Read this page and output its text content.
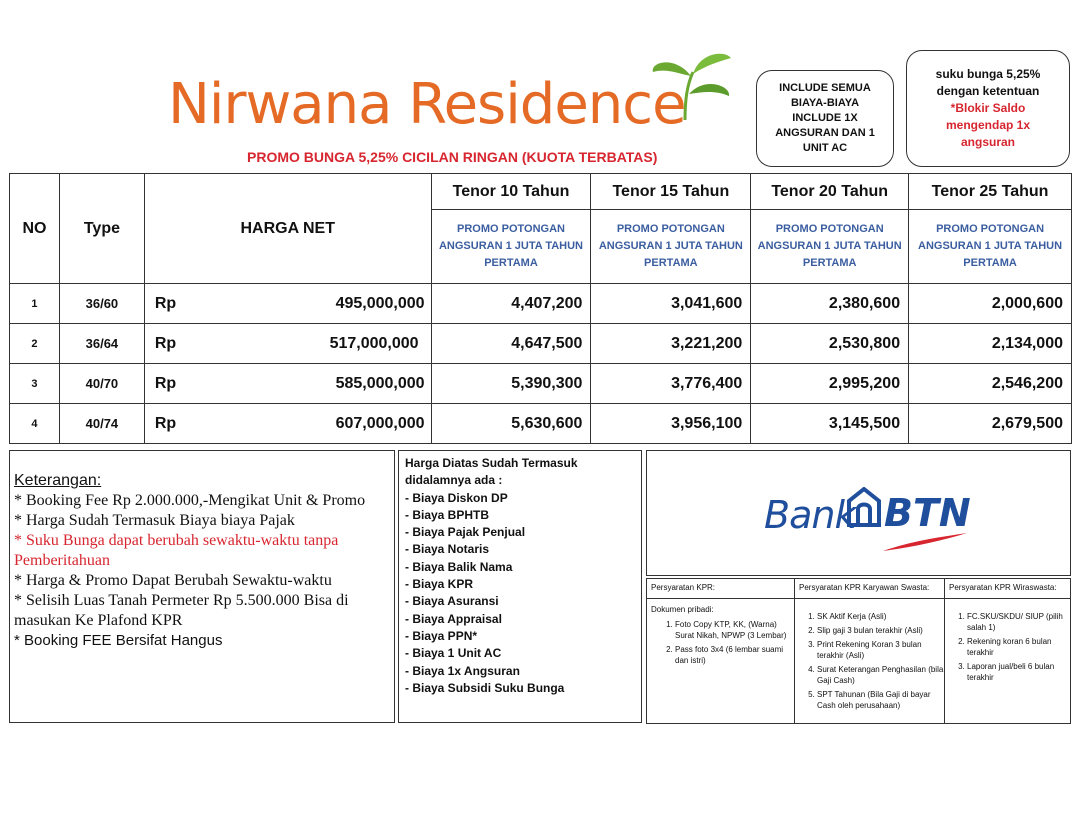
Nirwana Residence
PROMO BUNGA 5,25% CICILAN RINGAN (KUOTA TERBATAS)
INCLUDE SEMUA
BIAYA-BIAYA
INCLUDE 1X
ANGSURAN DAN 1
UNIT AC
suku bunga 5,25%
dengan ketentuan
*Blokir Saldo
mengendap 1x
angsuran
NO	Type	HARGA NET	Tenor 10 Tahun	Tenor 15 Tahun	Tenor 20 Tahun	Tenor 25 Tahun
			PROMO POTONGAN ANGSURAN 1 JUTA TAHUN PERTAMA	PROMO POTONGAN ANGSURAN 1 JUTA TAHUN PERTAMA	PROMO POTONGAN ANGSURAN 1 JUTA TAHUN PERTAMA	PROMO POTONGAN ANGSURAN 1 JUTA TAHUN PERTAMA
1	36/60	Rp 495,000,000	4,407,200	3,041,600	2,380,600	2,000,600
2	36/64	Rp 517,000,000	4,647,500	3,221,200	2,530,800	2,134,000
3	40/70	Rp 585,000,000	5,390,300	3,776,400	2,995,200	2,546,200
4	40/74	Rp 607,000,000	5,630,600	3,956,100	3,145,500	2,679,500
Keterangan:
* Booking Fee Rp 2.000.000,-Mengikat Unit & Promo
* Harga Sudah Termasuk Biaya biaya Pajak
* Suku Bunga dapat berubah sewaktu-waktu tanpa Pemberitahuan
* Harga & Promo Dapat Berubah Sewaktu-waktu
* Selisih Luas Tanah Permeter Rp 5.500.000 Bisa di masukan Ke Plafond KPR
* Booking FEE Bersifat Hangus
Harga Diatas Sudah Termasuk
didalamnya ada :
- Biaya Diskon DP
- Biaya BPHTB
- Biaya Pajak Penjual
- Biaya Notaris
- Biaya Balik Nama
- Biaya KPR
- Biaya Asuransi
- Biaya Appraisal
- Biaya PPN*
- Biaya 1 Unit AC
- Biaya 1x Angsuran
- Biaya Subsidi Suku Bunga
Bank BTN
Persyaratan KPR:
Dokumen pribadi:
1. Foto Copy KTP, KK, (Warna) Surat Nikah, NPWP (3 Lembar)
2. Pass foto 3x4 (6 lembar suami dan istri)
Persyaratan KPR Karyawan Swasta:
1. SK Aktif Kerja (Asli)
2. Slip gaji 3 bulan terakhir (Asli)
3. Print Rekening Koran 3 bulan terakhir (Asli)
4. Surat Keterangan Penghasilan (bila Gaji Cash)
5. SPT Tahunan (Bila Gaji di bayar Cash oleh perusahaan)
Persyaratan KPR Wiraswasta:
1. FC.SKU/SKDU/ SIUP (pilih salah 1)
2. Rekening koran 6 bulan terakhir
3. Laporan jual/beli 6 bulan terakhir
